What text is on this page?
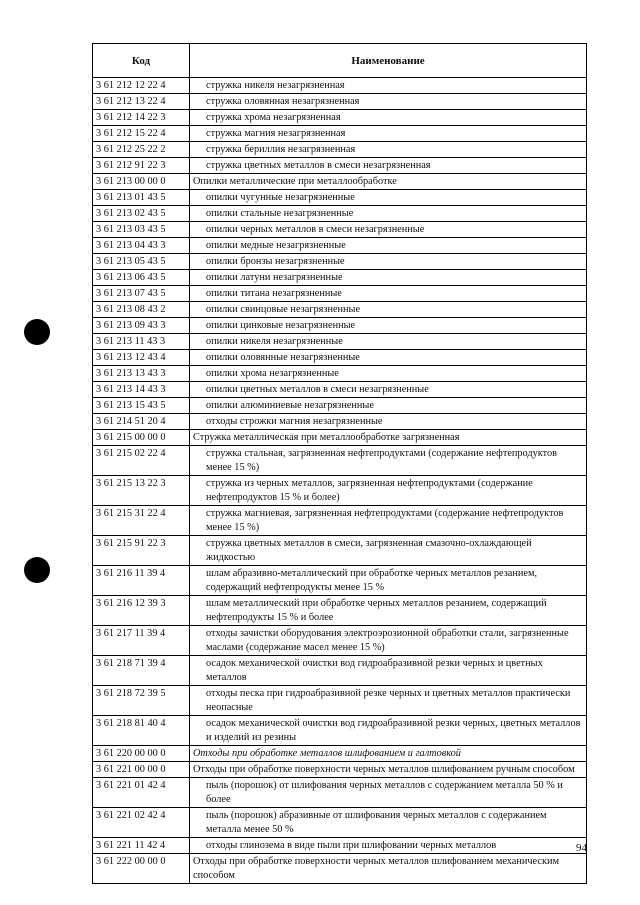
Код	Наименование
3 61 212 12 22 4	стружка никеля незагрязненная
3 61 212 13 22 4	стружка оловянная незагрязненная
3 61 212 14 22 3	стружка хрома незагрязненная
3 61 212 15 22 4	стружка магния незагрязненная
3 61 212 25 22 2	стружка бериллия незагрязненная
3 61 212 91 22 3	стружка цветных металлов в смеси незагрязненная
3 61 213 00 00 0	Опилки металлические при металлообработке
3 61 213 01 43 5	опилки чугунные незагрязненные
3 61 213 02 43 5	опилки стальные незагрязненные
3 61 213 03 43 5	опилки черных металлов в смеси незагрязненные
3 61 213 04 43 3	опилки медные незагрязненные
3 61 213 05 43 5	опилки бронзы незагрязненные
3 61 213 06 43 5	опилки латуни незагрязненные
3 61 213 07 43 5	опилки титана незагрязненные
3 61 213 08 43 2	опилки свинцовые незагрязненные
3 61 213 09 43 3	опилки цинковые незагрязненные
3 61 213 11 43 3	опилки никеля незагрязненные
3 61 213 12 43 4	опилки оловянные незагрязненные
3 61 213 13 43 3	опилки хрома незагрязненные
3 61 213 14 43 3	опилки цветных металлов в смеси незагрязненные
3 61 213 15 43 5	опилки алюминиевые незагрязненные
3 61 214 51 20 4	отходы строжки магния незагрязненные
3 61 215 00 00 0	Стружка металлическая при металлообработке загрязненная
3 61 215 02 22 4	стружка стальная, загрязненная нефтепродуктами (содержание нефтепродуктов менее 15 %)
3 61 215 13 22 3	стружка из черных металлов, загрязненная нефтепродуктами (содержание нефтепродуктов 15 % и более)
3 61 215 31 22 4	стружка магниевая, загрязненная нефтепродуктами (содержание нефтепродуктов менее 15 %)
3 61 215 91 22 3	стружка цветных металлов в смеси, загрязненная смазочно-охлаждающей жидкостью
3 61 216 11 39 4	шлам абразивно-металлический при обработке черных металлов резанием, содержащий нефтепродукты менее 15 %
3 61 216 12 39 3	шлам металлический при обработке черных металлов резанием, содержащий нефтепродукты 15 % и более
3 61 217 11 39 4	отходы зачистки оборудования электроэрозионной обработки стали, загрязненные маслами (содержание масел менее 15 %)
3 61 218 71 39 4	осадок механической очистки вод гидроабразивной резки черных и цветных металлов
3 61 218 72 39 5	отходы песка при гидроабразивной резке черных и цветных металлов практически неопасные
3 61 218 81 40 4	осадок механической очистки вод гидроабразивной резки черных, цветных металлов и изделий из резины
3 61 220 00 00 0	Отходы при обработке металлов шлифованием и галтовкой
3 61 221 00 00 0	Отходы при обработке поверхности черных металлов шлифованием ручным способом
3 61 221 01 42 4	пыль (порошок) от шлифования черных металлов с содержанием металла 50 % и более
3 61 221 02 42 4	пыль (порошок) абразивные от шлифования черных металлов с содержанием металла менее 50 %
3 61 221 11 42 4	отходы глинозема в виде пыли при шлифовании черных металлов
3 61 222 00 00 0	Отходы при обработке поверхности черных металлов шлифованием механическим способом
94
